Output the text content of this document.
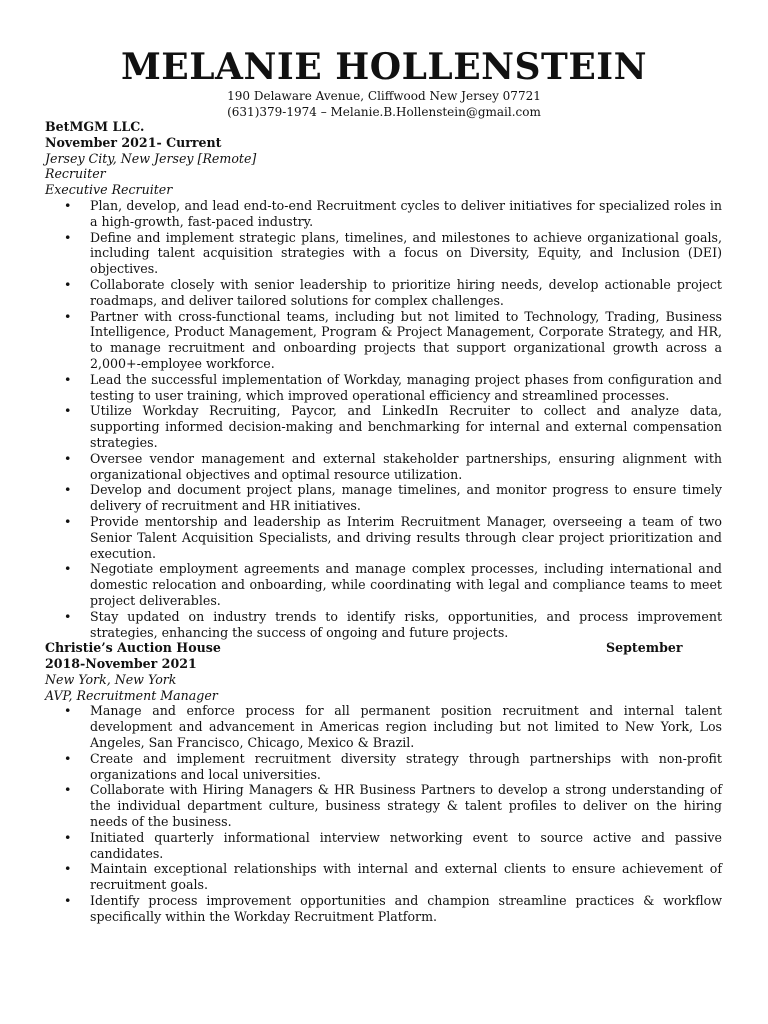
MELANIE HOLLENSTEIN
190 Delaware Avenue, Cliffwood New Jersey 07721
(631)379-1974 – Melanie.B.Hollenstein@gmail.com
BetMGM LLC.
November 2021- Current
Jersey City, New Jersey [Remote]
Recruiter
Executive Recruiter
• Plan, develop, and lead end-to-end Recruitment cycles to deliver initiatives for specialized roles in a high-growth, fast-paced industry.
• Define and implement strategic plans, timelines, and milestones to achieve organizational goals, including talent acquisition strategies with a focus on Diversity, Equity, and Inclusion (DEI) objectives.
• Collaborate closely with senior leadership to prioritize hiring needs, develop actionable project roadmaps, and deliver tailored solutions for complex challenges.
• Partner with cross-functional teams, including but not limited to Technology, Trading, Business Intelligence, Product Management, Program & Project Management, Corporate Strategy, and HR, to manage recruitment and onboarding projects that support organizational growth across a 2,000+-employee workforce.
• Lead the successful implementation of Workday, managing project phases from configuration and testing to user training, which improved operational efficiency and streamlined processes.
• Utilize Workday Recruiting, Paycor, and LinkedIn Recruiter to collect and analyze data, supporting informed decision-making and benchmarking for internal and external compensation strategies.
• Oversee vendor management and external stakeholder partnerships, ensuring alignment with organizational objectives and optimal resource utilization.
• Develop and document project plans, manage timelines, and monitor progress to ensure timely delivery of recruitment and HR initiatives.
• Provide mentorship and leadership as Interim Recruitment Manager, overseeing a team of two Senior Talent Acquisition Specialists, and driving results through clear project prioritization and execution.
• Negotiate employment agreements and manage complex processes, including international and domestic relocation and onboarding, while coordinating with legal and compliance teams to meet project deliverables.
• Stay updated on industry trends to identify risks, opportunities, and process improvement strategies, enhancing the success of ongoing and future projects.
Christie’s Auction House	September
2018-November 2021
New York, New York
AVP, Recruitment Manager
• Manage and enforce process for all permanent position recruitment and internal talent development and advancement in Americas region including but not limited to New York, Los Angeles, San Francisco, Chicago, Mexico & Brazil.
• Create and implement recruitment diversity strategy through partnerships with non-profit organizations and local universities.
• Collaborate with Hiring Managers & HR Business Partners to develop a strong understanding of the individual department culture, business strategy & talent profiles to deliver on the hiring needs of the business.
• Initiated quarterly informational interview networking event to source active and passive candidates.
• Maintain exceptional relationships with internal and external clients to ensure achievement of recruitment goals.
• Identify process improvement opportunities and champion streamline practices & workflow specifically within the Workday Recruitment Platform.
